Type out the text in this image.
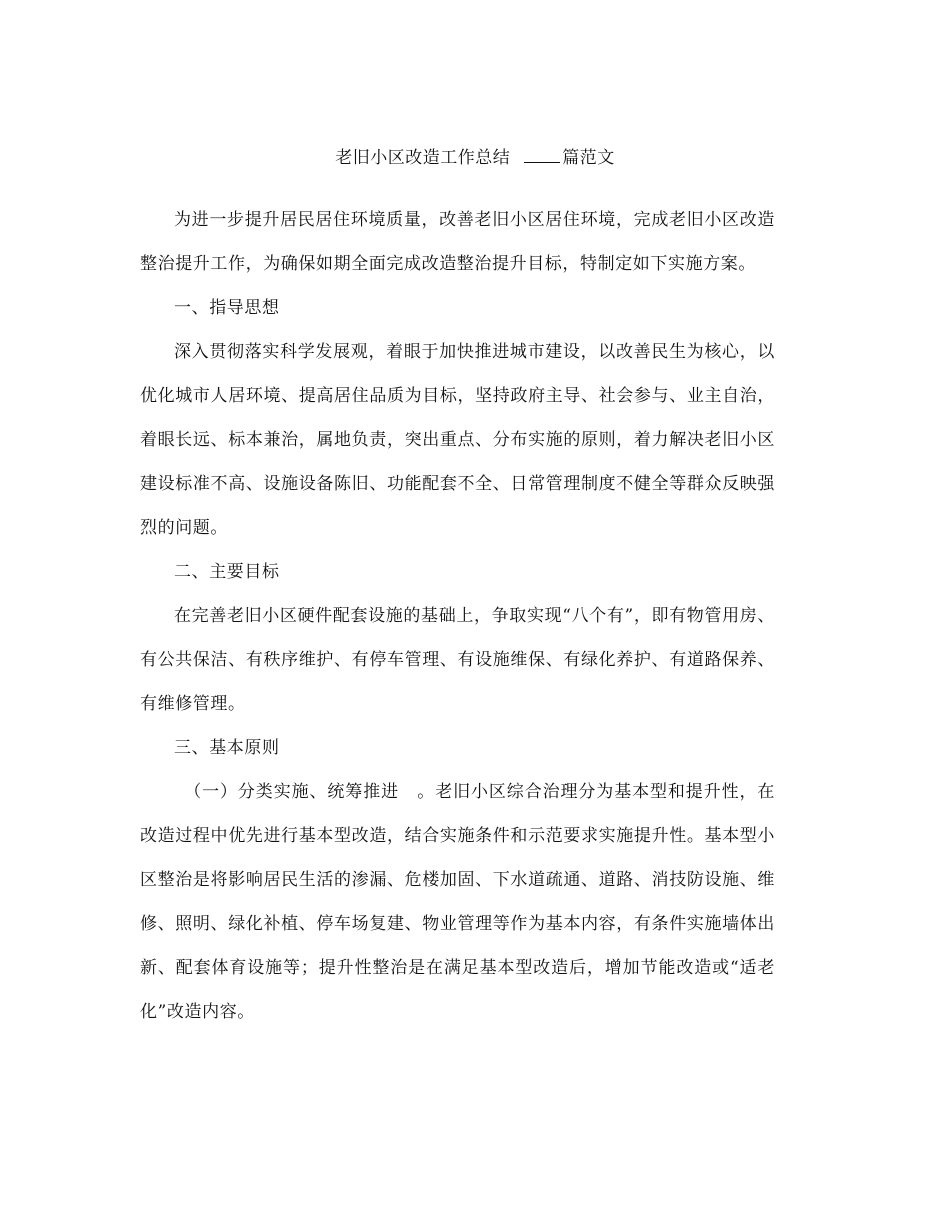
老旧小区改造工作总结	篇范文

为进一步提升居民居住环境质量，改善老旧小区居住环境，完成老旧小区改造整治提升工作，为确保如期全面完成改造整治提升目标，特制定如下实施方案。

一、指导思想

深入贯彻落实科学发展观，着眼于加快推进城市建设，以改善民生为核心，以优化城市人居环境、提高居住品质为目标，坚持政府主导、社会参与、业主自治，着眼长远、标本兼治，属地负责，突出重点、分布实施的原则，着力解决老旧小区建设标准不高、设施设备陈旧、功能配套不全、日常管理制度不健全等群众反映强烈的问题。

二、主要目标

在完善老旧小区硬件配套设施的基础上，争取实现“八个有”，即有物管用房、有公共保洁、有秩序维护、有停车管理、有设施维保、有绿化养护、有道路保养、有维修管理。

三、基本原则

（一）分类实施、统筹推进 。老旧小区综合治理分为基本型和提升性，在改造过程中优先进行基本型改造，结合实施条件和示范要求实施提升性。基本型小区整治是将影响居民生活的渗漏、危楼加固、下水道疏通、道路、消技防设施、维修、照明、绿化补植、停车场复建、物业管理等作为基本内容，有条件实施墙体出新、配套体育设施等；提升性整治是在满足基本型改造后，增加节能改造或“适老化”改造内容。
